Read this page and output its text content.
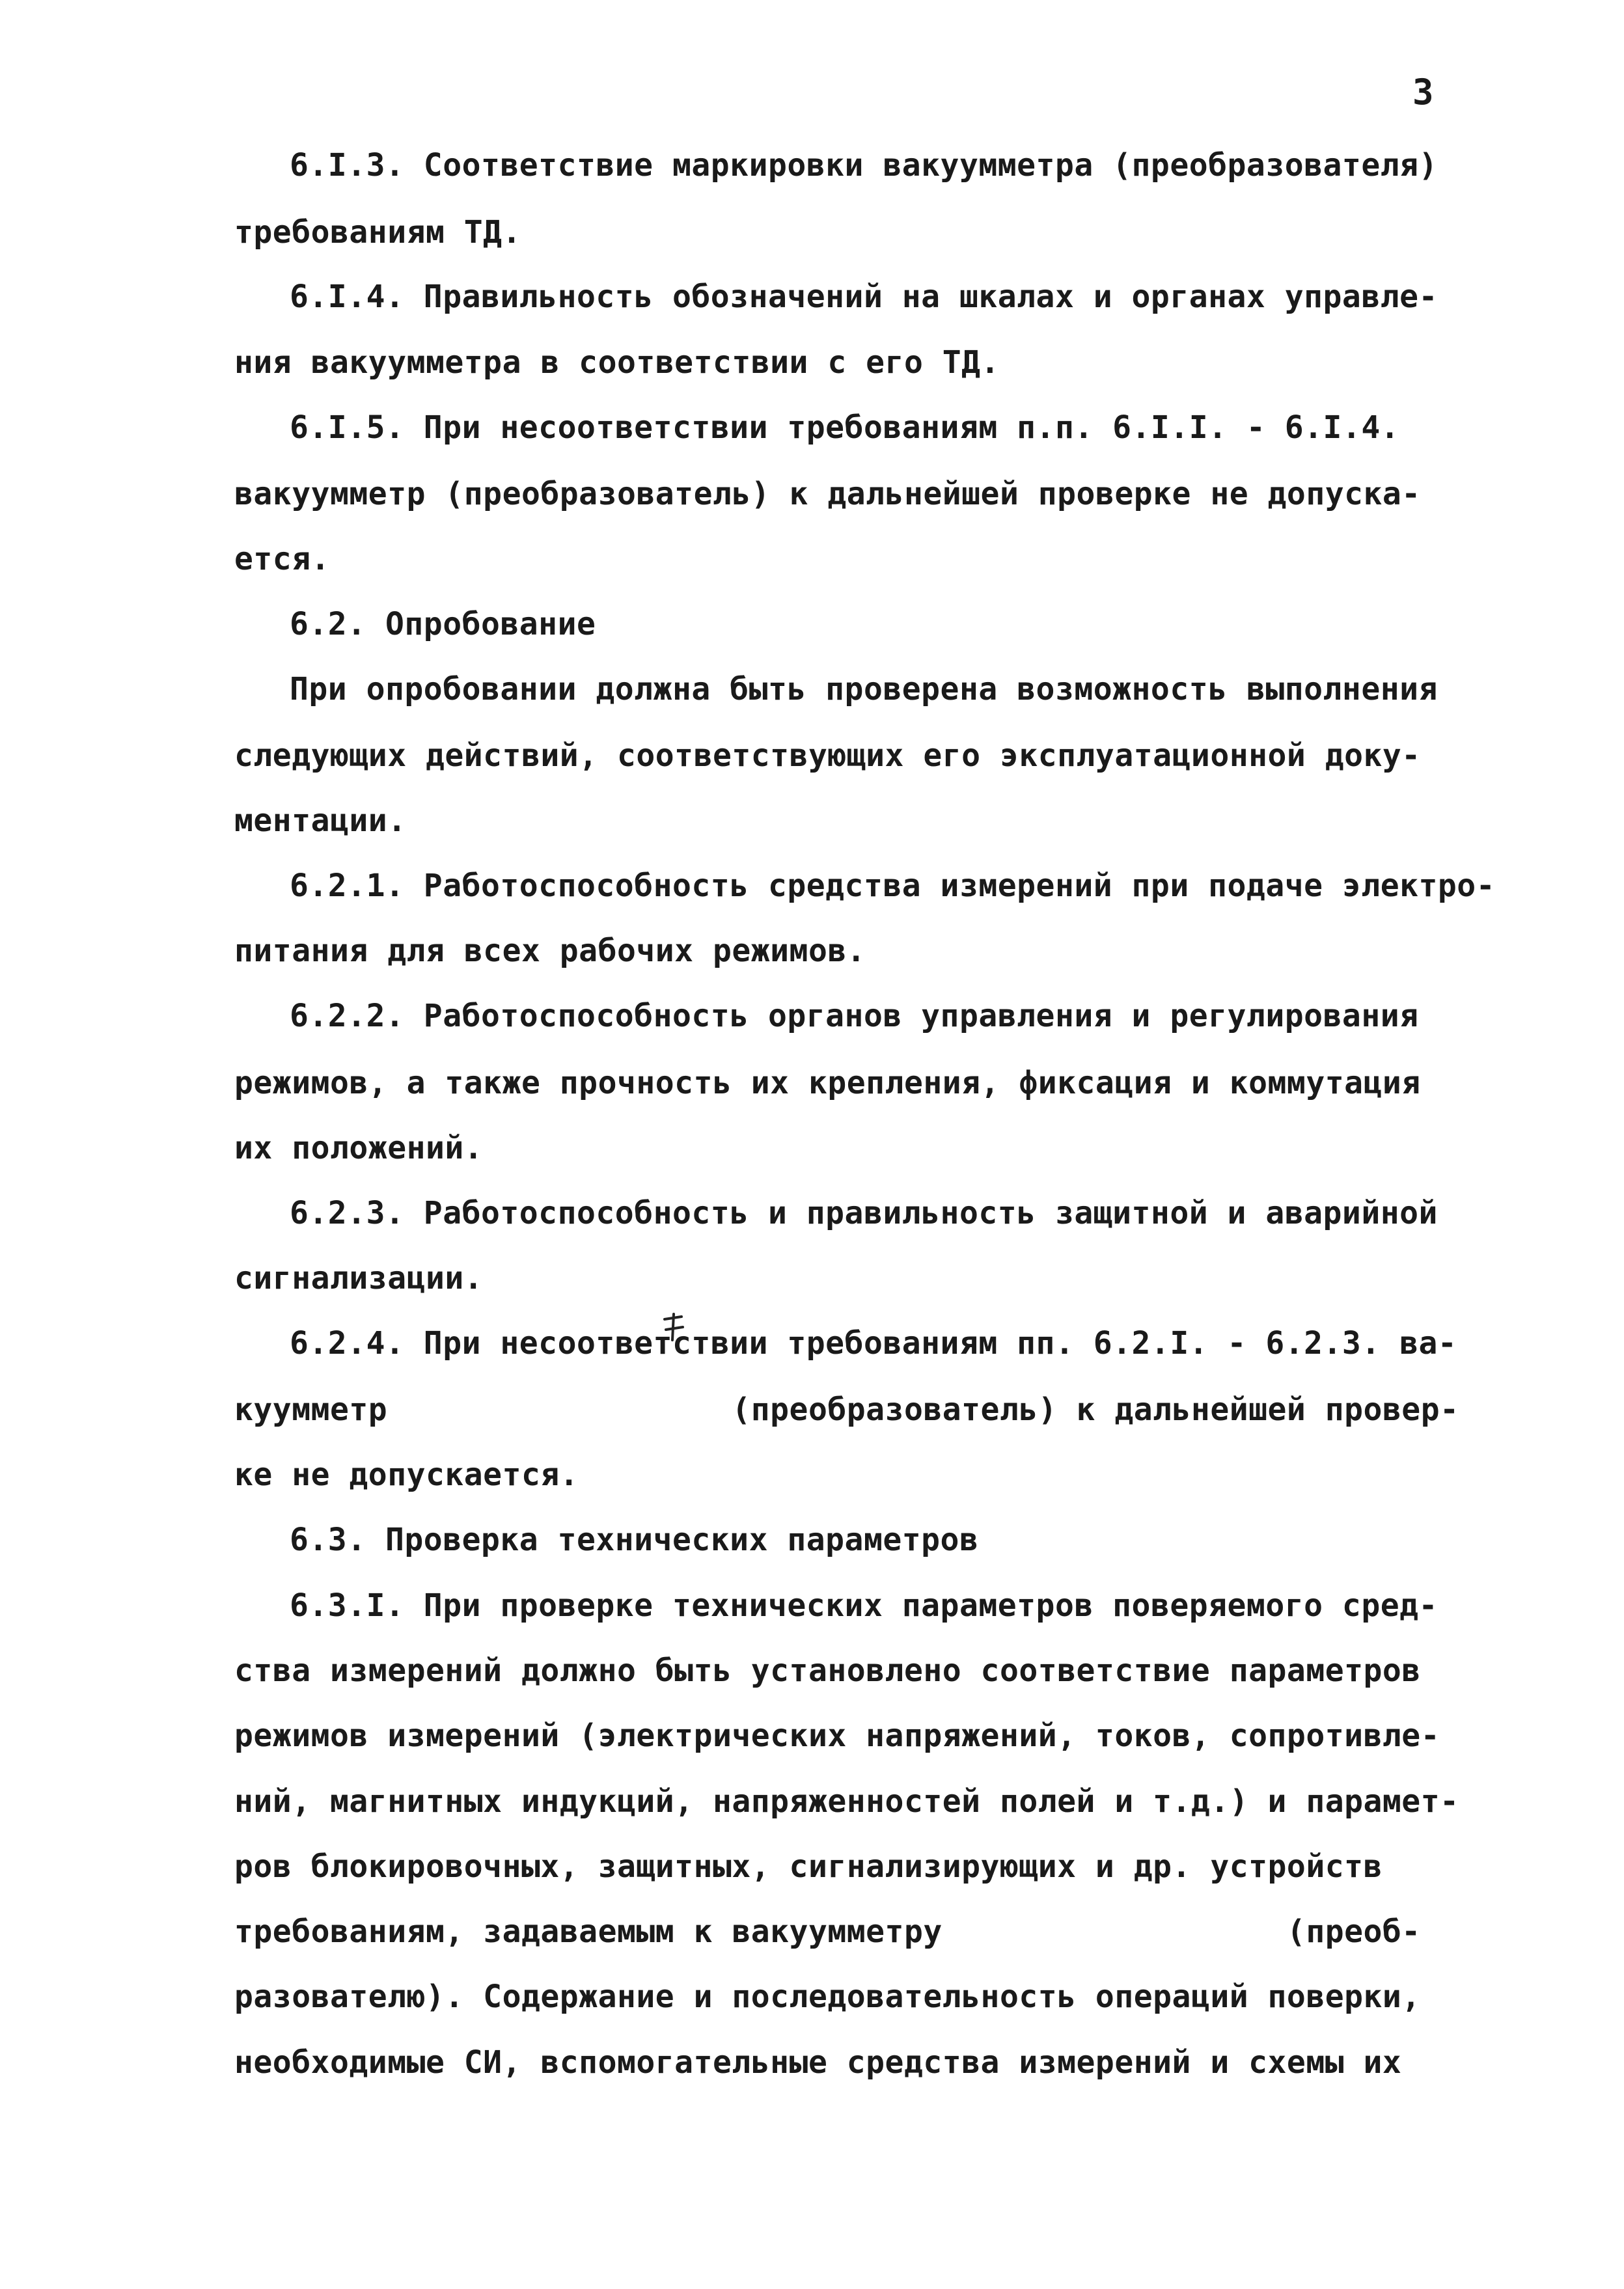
3
6.I.3. Соответствие маркировки вакуумметра (преобразователя)
требованиям ТД.
6.I.4. Правильность обозначений на шкалах и органах управле-
ния вакуумметра в соответствии с его ТД.
6.I.5. При несоответствии требованиям п.п. 6.I.I. - 6.I.4.
вакуумметр (преобразователь) к дальнейшей проверке не допуска-
ется.
6.2. Опробование
При опробовании должна быть проверена возможность выполнения
следующих действий, соответствующих его эксплуатационной доку-
ментации.
6.2.1. Работоспособность средства измерений при подаче электро-
питания для всех рабочих режимов.
6.2.2. Работоспособность органов управления и регулирования
режимов, а также прочность их крепления, фиксация и коммутация
их положений.
6.2.3. Работоспособность и правильность защитной и аварийной
сигнализации.
6.2.4. При несоответствии требованиям пп. 6.2.I. - 6.2.3. ва-
куумметр                  (преобразователь) к дальнейшей провер-
ке не допускается.
6.3. Проверка технических параметров
6.3.I. При проверке технических параметров поверяемого сред-
ства измерений должно быть установлено соответствие параметров
режимов измерений (электрических напряжений, токов, сопротивле-
ний, магнитных индукций, напряженностей полей и т.д.) и парамет-
ров блокировочных, защитных, сигнализирующих и др. устройств
требованиям, задаваемым к вакуумметру                  (преоб-
разователю). Содержание и последовательность операций поверки,
необходимые СИ, вспомогательные средства измерений и схемы их
